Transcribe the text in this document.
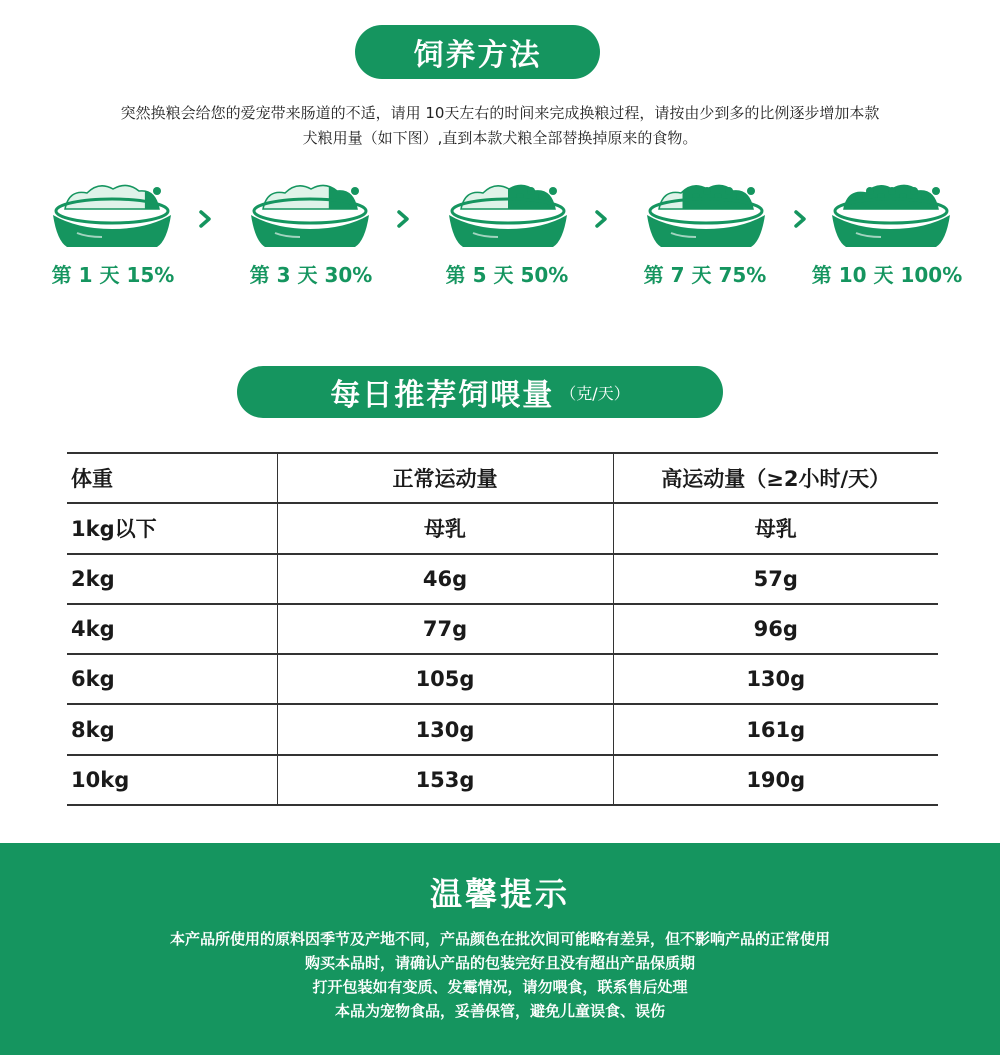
饲养方法
突然换粮会给您的爱宠带来肠道的不适，请用 10天左右的时间来完成换粮过程，请按由少到多的比例逐步增加本款
犬粮用量（如下图）,直到本款犬粮全部替换掉原来的食物。
第 1 天 15%	第 3 天 30%	第 5 天 50%	第 7 天 75%	第 10 天 100%
每日推荐饲喂量 （克/天）
体重	正常运动量	高运动量（≥2小时/天）
1kg以下	母乳	母乳
2kg	46g	57g
4kg	77g	96g
6kg	105g	130g
8kg	130g	161g
10kg	153g	190g
温馨提示
本产品所使用的原料因季节及产地不同，产品颜色在批次间可能略有差异，但不影响产品的正常使用
购买本品时，请确认产品的包装完好且没有超出产品保质期
打开包装如有变质、发霉情况，请勿喂食，联系售后处理
本品为宠物食品，妥善保管，避免儿童误食、误伤
